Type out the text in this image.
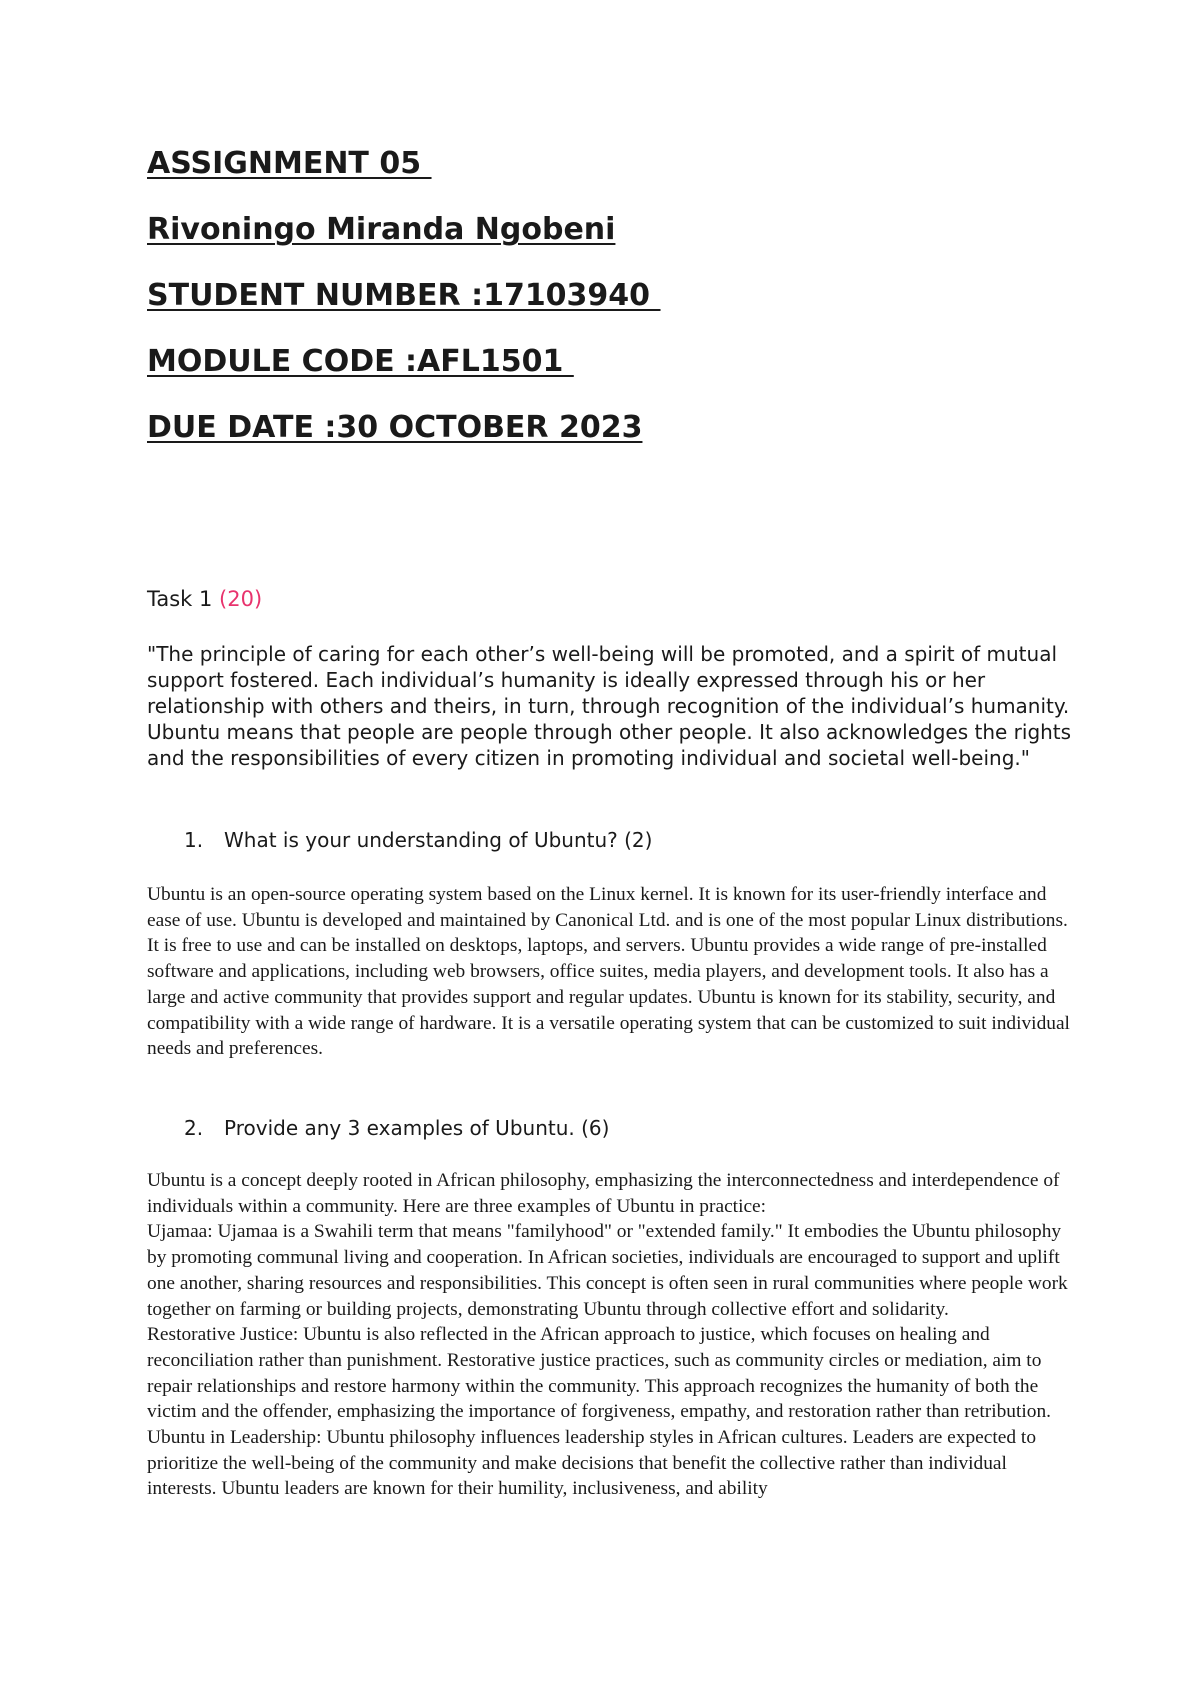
ASSIGNMENT 05
Rivoningo Miranda Ngobeni
STUDENT NUMBER :17103940
MODULE CODE :AFL1501
DUE DATE :30 OCTOBER 2023

Task 1 (20)

"The principle of caring for each other’s well-being will be promoted, and a spirit of mutual support fostered. Each individual’s humanity is ideally expressed through his or her relationship with others and theirs, in turn, through recognition of the individual’s humanity. Ubuntu means that people are people through other people. It also acknowledges the rights and the responsibilities of every citizen in promoting individual and societal well-being."

1. What is your understanding of Ubuntu? (2)

Ubuntu is an open-source operating system based on the Linux kernel. It is known for its user-friendly interface and ease of use. Ubuntu is developed and maintained by Canonical Ltd. and is one of the most popular Linux distributions. It is free to use and can be installed on desktops, laptops, and servers. Ubuntu provides a wide range of pre-installed software and applications, including web browsers, office suites, media players, and development tools. It also has a large and active community that provides support and regular updates. Ubuntu is known for its stability, security, and compatibility with a wide range of hardware. It is a versatile operating system that can be customized to suit individual needs and preferences.

2. Provide any 3 examples of Ubuntu. (6)

Ubuntu is a concept deeply rooted in African philosophy, emphasizing the interconnectedness and interdependence of individuals within a community. Here are three examples of Ubuntu in practice:

Ujamaa: Ujamaa is a Swahili term that means "familyhood" or "extended family." It embodies the Ubuntu philosophy by promoting communal living and cooperation. In African societies, individuals are encouraged to support and uplift one another, sharing resources and responsibilities. This concept is often seen in rural communities where people work together on farming or building projects, demonstrating Ubuntu through collective effort and solidarity.

Restorative Justice: Ubuntu is also reflected in the African approach to justice, which focuses on healing and reconciliation rather than punishment. Restorative justice practices, such as community circles or mediation, aim to repair relationships and restore harmony within the community. This approach recognizes the humanity of both the victim and the offender, emphasizing the importance of forgiveness, empathy, and restoration rather than retribution.

Ubuntu in Leadership: Ubuntu philosophy influences leadership styles in African cultures. Leaders are expected to prioritize the well-being of the community and make decisions that benefit the collective rather than individual interests. Ubuntu leaders are known for their humility, inclusiveness, and ability
